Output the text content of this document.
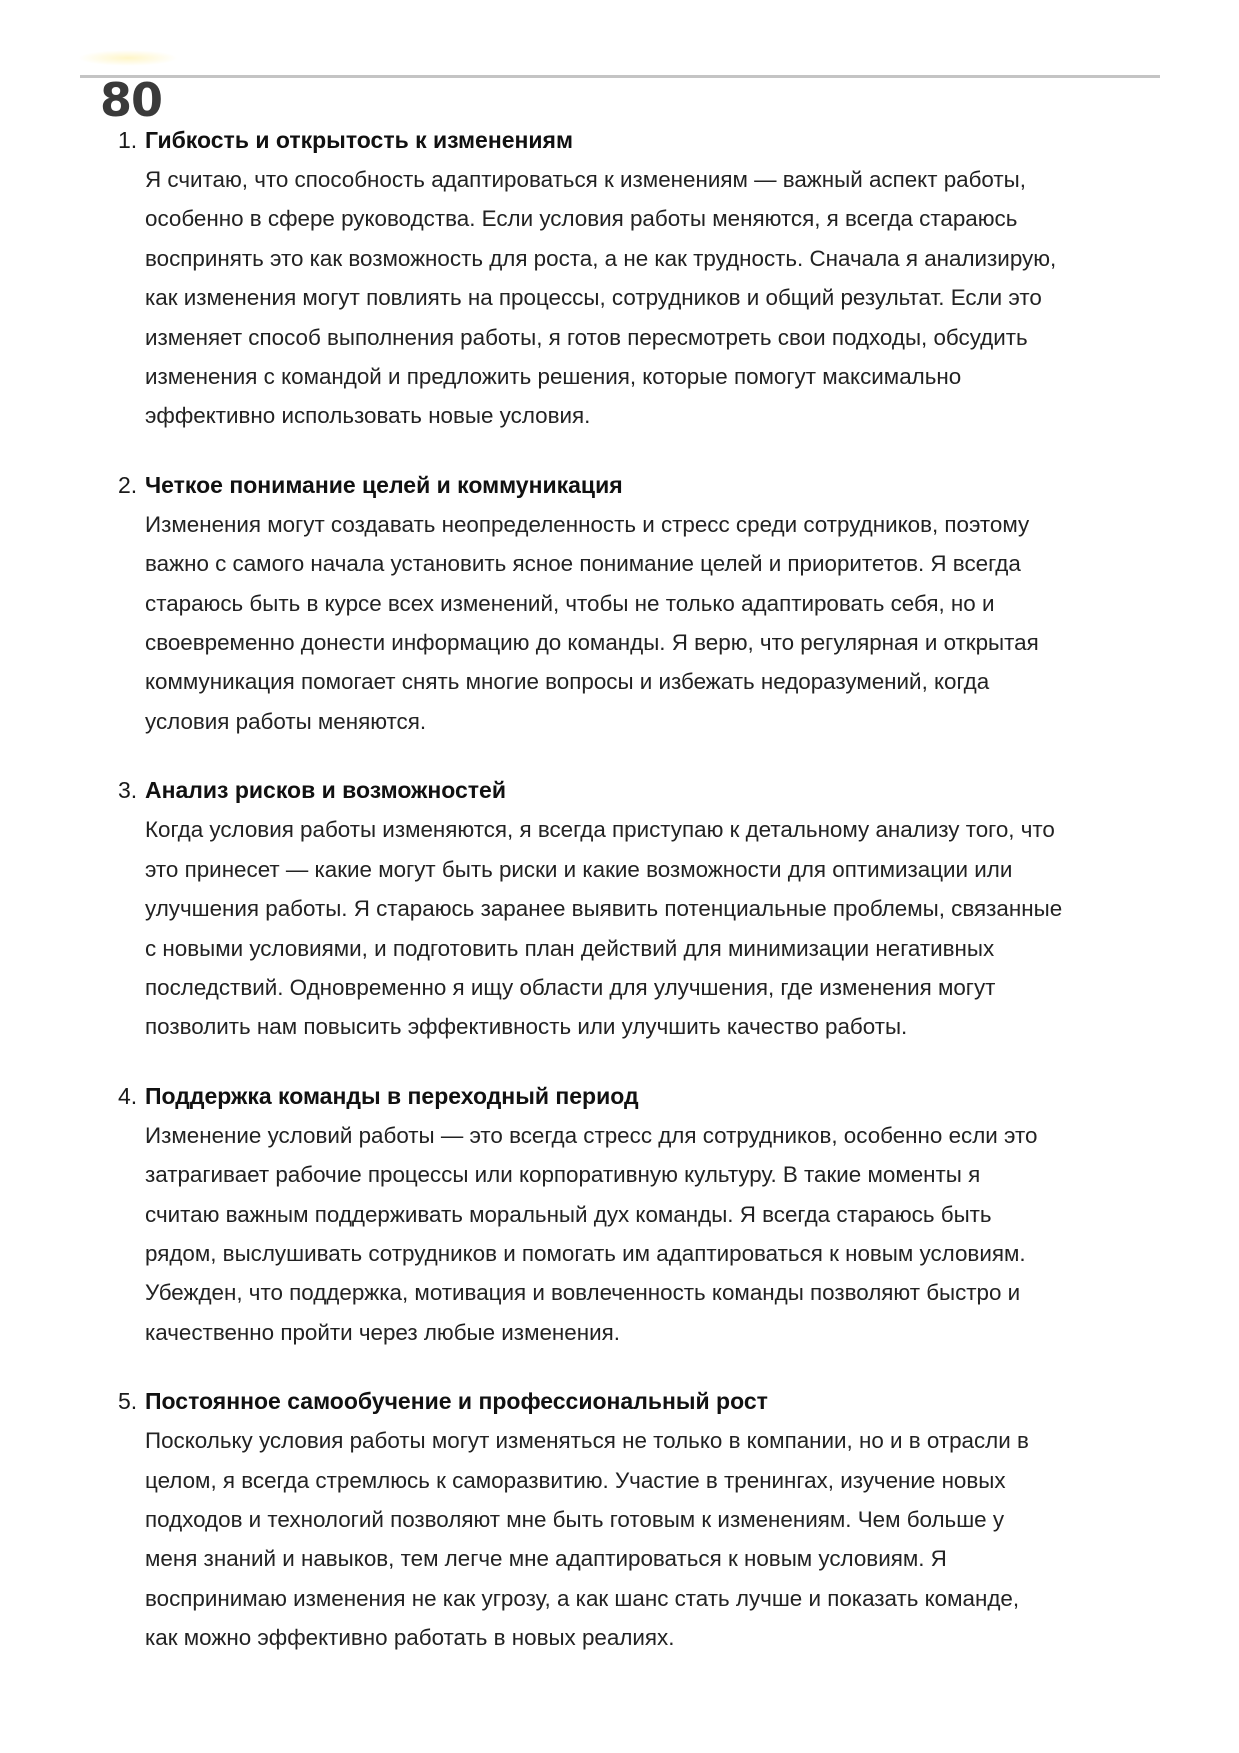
80
1. Гибкость и открытость к изменениям
Я считаю, что способность адаптироваться к изменениям — важный аспект работы,
особенно в сфере руководства. Если условия работы меняются, я всегда стараюсь
воспринять это как возможность для роста, а не как трудность. Сначала я анализирую,
как изменения могут повлиять на процессы, сотрудников и общий результат. Если это
изменяет способ выполнения работы, я готов пересмотреть свои подходы, обсудить
изменения с командой и предложить решения, которые помогут максимально
эффективно использовать новые условия.
2. Четкое понимание целей и коммуникация
Изменения могут создавать неопределенность и стресс среди сотрудников, поэтому
важно с самого начала установить ясное понимание целей и приоритетов. Я всегда
стараюсь быть в курсе всех изменений, чтобы не только адаптировать себя, но и
своевременно донести информацию до команды. Я верю, что регулярная и открытая
коммуникация помогает снять многие вопросы и избежать недоразумений, когда
условия работы меняются.
3. Анализ рисков и возможностей
Когда условия работы изменяются, я всегда приступаю к детальному анализу того, что
это принесет — какие могут быть риски и какие возможности для оптимизации или
улучшения работы. Я стараюсь заранее выявить потенциальные проблемы, связанные
с новыми условиями, и подготовить план действий для минимизации негативных
последствий. Одновременно я ищу области для улучшения, где изменения могут
позволить нам повысить эффективность или улучшить качество работы.
4. Поддержка команды в переходный период
Изменение условий работы — это всегда стресс для сотрудников, особенно если это
затрагивает рабочие процессы или корпоративную культуру. В такие моменты я
считаю важным поддерживать моральный дух команды. Я всегда стараюсь быть
рядом, выслушивать сотрудников и помогать им адаптироваться к новым условиям.
Убежден, что поддержка, мотивация и вовлеченность команды позволяют быстро и
качественно пройти через любые изменения.
5. Постоянное самообучение и профессиональный рост
Поскольку условия работы могут изменяться не только в компании, но и в отрасли в
целом, я всегда стремлюсь к саморазвитию. Участие в тренингах, изучение новых
подходов и технологий позволяют мне быть готовым к изменениям. Чем больше у
меня знаний и навыков, тем легче мне адаптироваться к новым условиям. Я
воспринимаю изменения не как угрозу, а как шанс стать лучше и показать команде,
как можно эффективно работать в новых реалиях.
